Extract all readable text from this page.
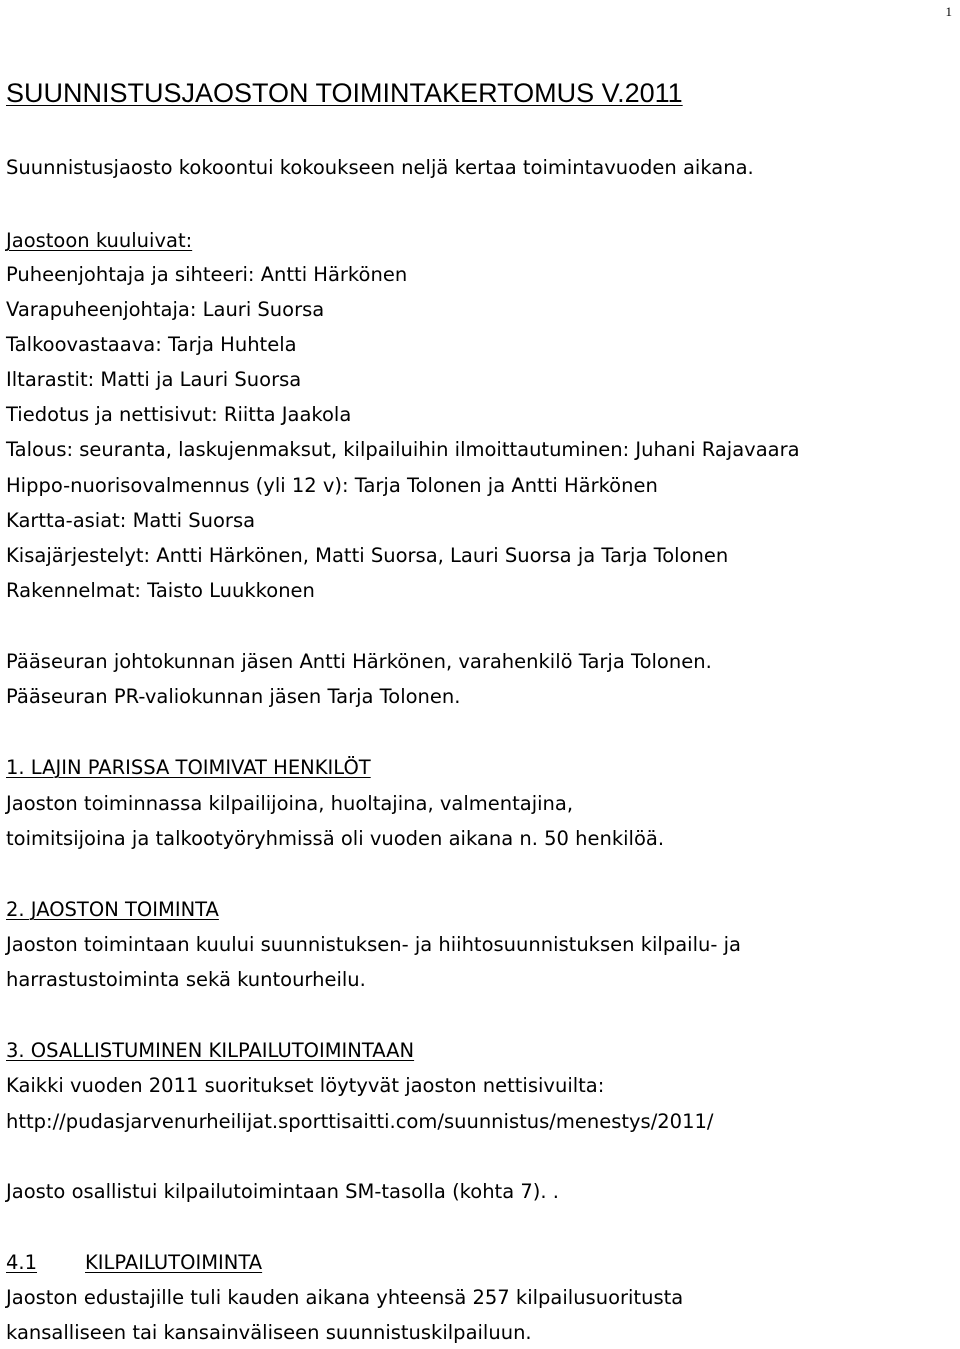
1
SUUNNISTUSJAOSTON TOIMINTAKERTOMUS V.2011
Suunnistusjaosto kokoontui kokoukseen neljä kertaa toimintavuoden aikana.
Jaostoon kuuluivat:
Puheenjohtaja ja sihteeri: Antti Härkönen
Varapuheenjohtaja: Lauri Suorsa
Talkoovastaava: Tarja Huhtela
Iltarastit: Matti ja Lauri Suorsa
Tiedotus ja nettisivut: Riitta Jaakola
Talous: seuranta, laskujenmaksut, kilpailuihin ilmoittautuminen: Juhani Rajavaara
Hippo-nuorisovalmennus (yli 12 v): Tarja Tolonen ja Antti Härkönen
Kartta-asiat: Matti Suorsa
Kisajärjestelyt: Antti Härkönen, Matti Suorsa, Lauri Suorsa ja Tarja Tolonen
Rakennelmat: Taisto Luukkonen
Pääseuran johtokunnan jäsen Antti Härkönen, varahenkilö Tarja Tolonen.
Pääseuran PR-valiokunnan jäsen Tarja Tolonen.
1. LAJIN PARISSA TOIMIVAT HENKILÖT
Jaoston toiminnassa kilpailijoina, huoltajina, valmentajina,
toimitsijoina ja talkootyöryhmissä oli vuoden aikana n. 50 henkilöä.
2. JAOSTON TOIMINTA
Jaoston toimintaan kuului suunnistuksen- ja hiihtosuunnistuksen kilpailu- ja
harrastustoiminta sekä kuntourheilu.
3. OSALLISTUMINEN KILPAILUTOIMINTAAN
Kaikki vuoden 2011 suoritukset löytyvät jaoston nettisivuilta:
http://pudasjarvenurheilijat.sporttisaitti.com/suunnistus/menestys/2011/
Jaosto osallistui kilpailutoimintaan SM-tasolla (kohta 7). .
4.1 KILPAILUTOIMINTA
Jaoston edustajille tuli kauden aikana yhteensä 257 kilpailusuoritusta
kansalliseen tai kansainväliseen suunnistuskilpailuun.
